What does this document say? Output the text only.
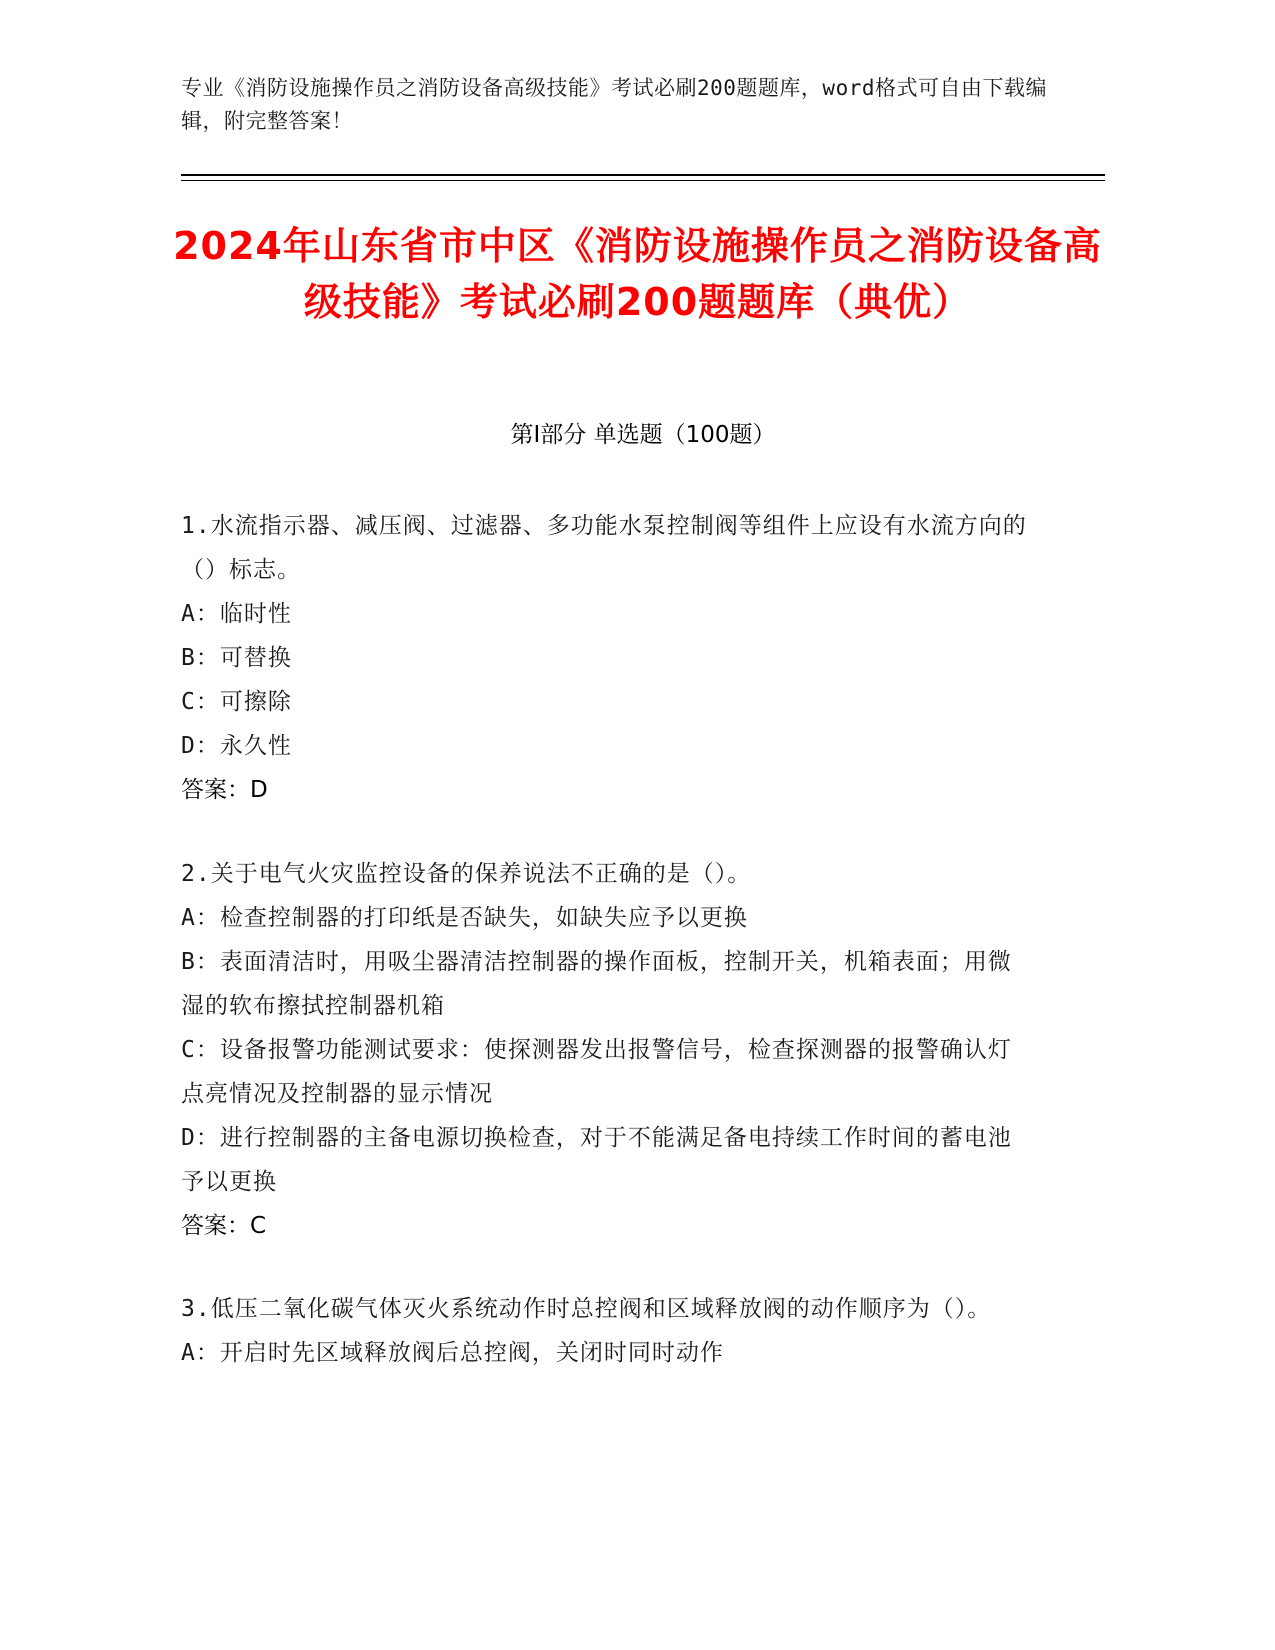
专业《消防设施操作员之消防设备高级技能》考试必刷200题题库，word格式可自由下载编辑，附完整答案！
2024年山东省市中区《消防设施操作员之消防设备高级技能》考试必刷200题题库（典优）
第I部分 单选题（100题）

1.水流指示器、减压阀、过滤器、多功能水泵控制阀等组件上应设有水流方向的（）标志。

A：临时性

B：可替换

C：可擦除

D：永久性

答案：D

2.关于电气火灾监控设备的保养说法不正确的是（）。

A：检查控制器的打印纸是否缺失，如缺失应予以更换

B：表面清洁时，用吸尘器清洁控制器的操作面板，控制开关，机箱表面；用微湿的软布擦拭控制器机箱

C：设备报警功能测试要求：使探测器发出报警信号，检查探测器的报警确认灯点亮情况及控制器的显示情况

D：进行控制器的主备电源切换检查，对于不能满足备电持续工作时间的蓄电池予以更换

答案：C

3.低压二氧化碳气体灭火系统动作时总控阀和区域释放阀的动作顺序为（）。

A：开启时先区域释放阀后总控阀，关闭时同时动作
